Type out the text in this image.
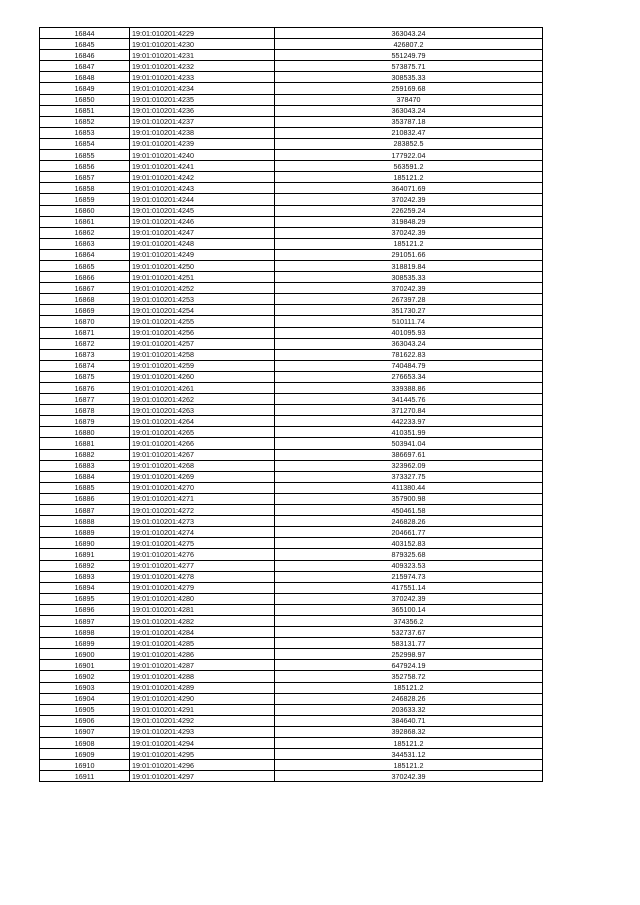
16844	19:01:010201:4229	363043.24
16845	19:01:010201:4230	426807.2
16846	19:01:010201:4231	551249.79
16847	19:01:010201:4232	573875.71
16848	19:01:010201:4233	308535.33
16849	19:01:010201:4234	259169.68
16850	19:01:010201:4235	378470
16851	19:01:010201:4236	363043.24
16852	19:01:010201:4237	353787.18
16853	19:01:010201:4238	210832.47
16854	19:01:010201:4239	283852.5
16855	19:01:010201:4240	177922.04
16856	19:01:010201:4241	563591.2
16857	19:01:010201:4242	185121.2
16858	19:01:010201:4243	364071.69
16859	19:01:010201:4244	370242.39
16860	19:01:010201:4245	226259.24
16861	19:01:010201:4246	319848.29
16862	19:01:010201:4247	370242.39
16863	19:01:010201:4248	185121.2
16864	19:01:010201:4249	291051.66
16865	19:01:010201:4250	318819.84
16866	19:01:010201:4251	308535.33
16867	19:01:010201:4252	370242.39
16868	19:01:010201:4253	267397.28
16869	19:01:010201:4254	351730.27
16870	19:01:010201:4255	510111.74
16871	19:01:010201:4256	401095.93
16872	19:01:010201:4257	363043.24
16873	19:01:010201:4258	781622.83
16874	19:01:010201:4259	740484.79
16875	19:01:010201:4260	276653.34
16876	19:01:010201:4261	339388.86
16877	19:01:010201:4262	341445.76
16878	19:01:010201:4263	371270.84
16879	19:01:010201:4264	442233.97
16880	19:01:010201:4265	410351.99
16881	19:01:010201:4266	503941.04
16882	19:01:010201:4267	386697.61
16883	19:01:010201:4268	323962.09
16884	19:01:010201:4269	373327.75
16885	19:01:010201:4270	411380.44
16886	19:01:010201:4271	357900.98
16887	19:01:010201:4272	450461.58
16888	19:01:010201:4273	246828.26
16889	19:01:010201:4274	204661.77
16890	19:01:010201:4275	403152.83
16891	19:01:010201:4276	879325.68
16892	19:01:010201:4277	409323.53
16893	19:01:010201:4278	215974.73
16894	19:01:010201:4279	417551.14
16895	19:01:010201:4280	370242.39
16896	19:01:010201:4281	365100.14
16897	19:01:010201:4282	374356.2
16898	19:01:010201:4284	532737.67
16899	19:01:010201:4285	583131.77
16900	19:01:010201:4286	252998.97
16901	19:01:010201:4287	647924.19
16902	19:01:010201:4288	352758.72
16903	19:01:010201:4289	185121.2
16904	19:01:010201:4290	246828.26
16905	19:01:010201:4291	203633.32
16906	19:01:010201:4292	384640.71
16907	19:01:010201:4293	392868.32
16908	19:01:010201:4294	185121.2
16909	19:01:010201:4295	344531.12
16910	19:01:010201:4296	185121.2
16911	19:01:010201:4297	370242.39
